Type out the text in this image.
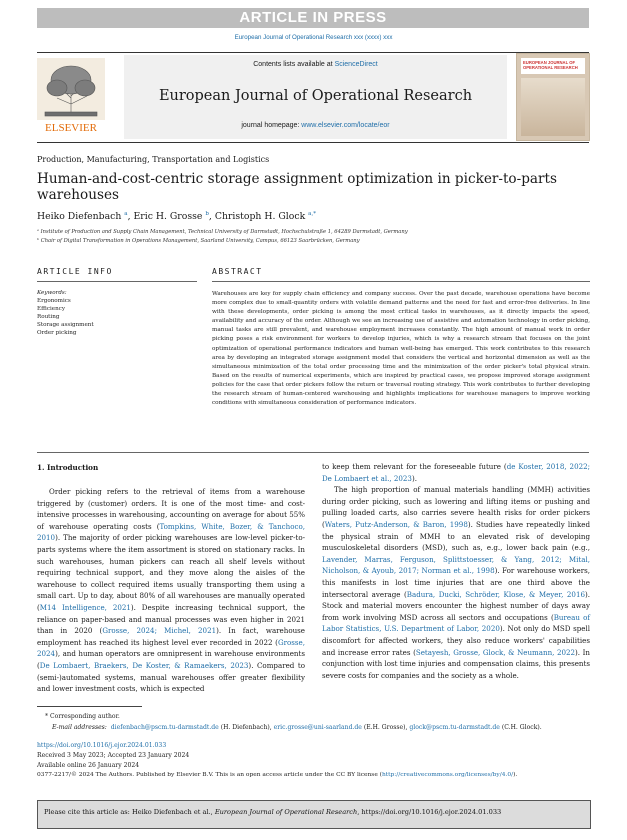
ARTICLE IN PRESS
European Journal of Operational Research xxx (xxxx) xxx
ELSEVIER
Contents lists available at ScienceDirect
European Journal of Operational Research
journal homepage: www.elsevier.com/locate/eor
EUROPEAN JOURNAL OF OPERATIONAL RESEARCH
Production, Manufacturing, Transportation and Logistics
Human-and-cost-centric storage assignment optimization in picker-to-parts
warehouses
Heiko Diefenbach $^a$, Eric H. Grosse $^b$, Christoph H. Glock $^{a,*}$
ᵃ Institute of Production and Supply Chain Management, Technical University of Darmstadt, Hochschulstraße 1, 64289 Darmstadt, Germany
ᵇ Chair of Digital Transformation in Operations Management, Saarland University, Campus, 66123 Saarbrücken, Germany
ARTICLE INFO	ABSTRACT
Keywords:
Ergonomics
Efficiency
Routing
Storage assignment
Order picking
Warehouses are key for supply chain efficiency and company success. Over the past decade, warehouse operations have become more complex due to small-quantity orders with volatile demand patterns and the need for fast and error-free deliveries. In line with these developments, order picking is among the most critical tasks in warehouses, as it directly impacts the speed, availability and accuracy of the order. Although we see an increasing use of assistive and automation technology in order picking, manual tasks are still prevalent, and warehouse employment increases constantly. The high amount of manual work in order picking poses a risk environment for workers to develop injuries, which is why a research stream that focuses on the joint optimization of operational performance indicators and human well-being has emerged. This work contributes to this research area by developing an integrated storage assignment model that considers the vertical and horizontal dimension as well as the simultaneous minimization of the total order processing time and the minimization of the order picker's total physical strain. Based on the results of numerical experiments, which are inspired by practical cases, we propose improved storage assignment policies for the case that order pickers follow the return or traversal routing strategy. This work contributes to further developing the research stream of human-centered warehousing and highlights implications for warehouse managers to improve working conditions with simultaneous consideration of performance indicators.
1. Introduction

Order picking refers to the retrieval of items from a warehouse triggered by (customer) orders. It is one of the most time- and cost-intensive processes in warehousing, accounting on average for about 55% of warehouse operating costs (Tompkins, White, Bozer, & Tanchoco, 2010). The majority of order picking warehouses are low-level picker-to-parts systems where the item assortment is stored on stationary racks. In such warehouses, human pickers can reach all shelf levels without requiring technical support, and they move along the aisles of the warehouse to collect required items usually transporting them using a small cart. Up to day, about 80% of all warehouses are manually operated (M14 Intelligence, 2021). Despite increasing technical support, the reliance on paper-based and manual processes was even higher in 2021 than in 2020 (Grosse, 2024; Michel, 2021). In fact, warehouse employment has reached its highest level ever recorded in 2022 (Grosse, 2024), and human operators are omnipresent in warehouse environments (De Lombaert, Braekers, De Koster, & Ramaekers, 2023). Compared to (semi-)automated systems, manual warehouses offer greater flexibility and lower investment costs, which is expected

to keep them relevant for the foreseeable future (de Koster, 2018, 2022; De Lombaert et al., 2023).

The high proportion of manual materials handling (MMH) activities during order picking, such as lowering and lifting items or pushing and pulling loaded carts, also carries severe health risks for order pickers (Waters, Putz-Anderson, & Baron, 1998). Studies have repeatedly linked the physical strain of MMH to an elevated risk of developing musculoskeletal disorders (MSD), such as, e.g., lower back pain (e.g., Lavender, Marras, Ferguson, Splittstoesser, & Yang, 2012; Mital, Nicholson, & Ayoub, 2017; Norman et al., 1998). For warehouse workers, this manifests in lost time injuries that are one third above the intersectoral average (Badura, Ducki, Schröder, Klose, & Meyer, 2016). Stock and material movers encounter the highest number of days away from work involving MSD across all sectors and occupations (Bureau of Labor Statistics, U.S. Department of Labor, 2020). Not only do MSD spell discomfort for affected workers, they also reduce workers' capabilities and increase error rates (Setayesh, Grosse, Glock, & Neumann, 2022). In conjunction with lost time injuries and compensation claims, this presents severe costs for companies and the society as a whole.

* Corresponding author.
E-mail addresses: diefenbach@pscm.tu-darmstadt.de (H. Diefenbach), eric.grosse@uni-saarland.de (E.H. Grosse), glock@pscm.tu-darmstadt.de (C.H. Glock).
https://doi.org/10.1016/j.ejor.2024.01.033
Received 3 May 2023; Accepted 23 January 2024
Available online 26 January 2024
0377-2217/© 2024 The Authors. Published by Elsevier B.V. This is an open access article under the CC BY license (http://creativecommons.org/licenses/by/4.0/).
Please cite this article as: Heiko Diefenbach et al., European Journal of Operational Research, https://doi.org/10.1016/j.ejor.2024.01.033
